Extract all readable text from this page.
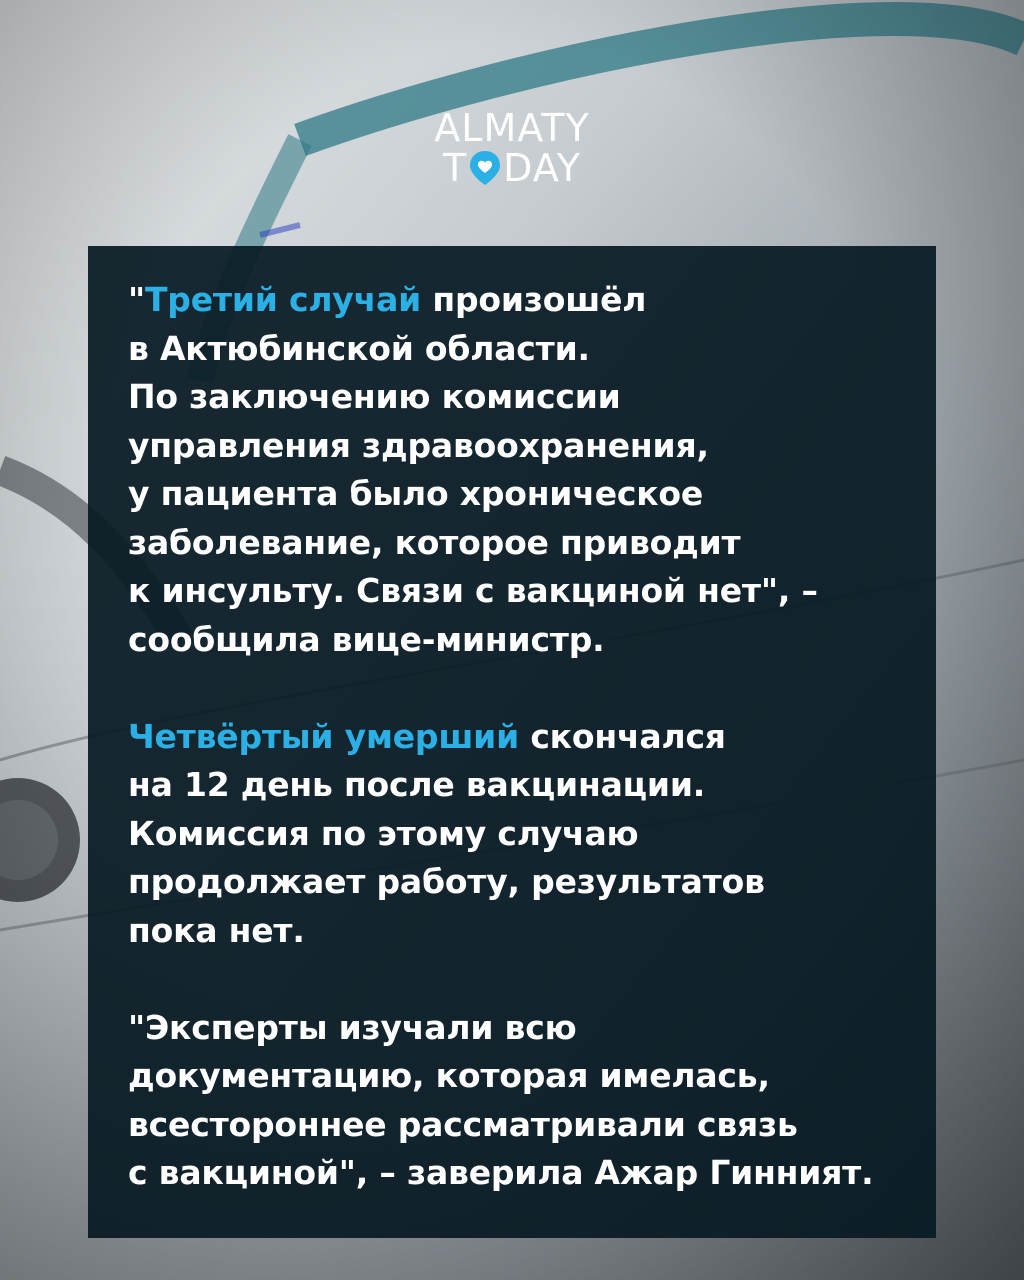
ALMATY
T DAY

"Третий случай произошёл
в Актюбинской области.
По заключению комиссии
управления здравоохранения,
у пациента было хроническое
заболевание, которое приводит
к инсульту. Связи с вакциной нет", –
сообщила вице-министр.

Четвёртый умерший скончался
на 12 день после вакцинации.
Комиссия по этому случаю
продолжает работу, результатов
пока нет.

"Эксперты изучали всю
документацию, которая имелась,
всестороннее рассматривали связь
с вакциной", – заверила Ажар Гинният.
